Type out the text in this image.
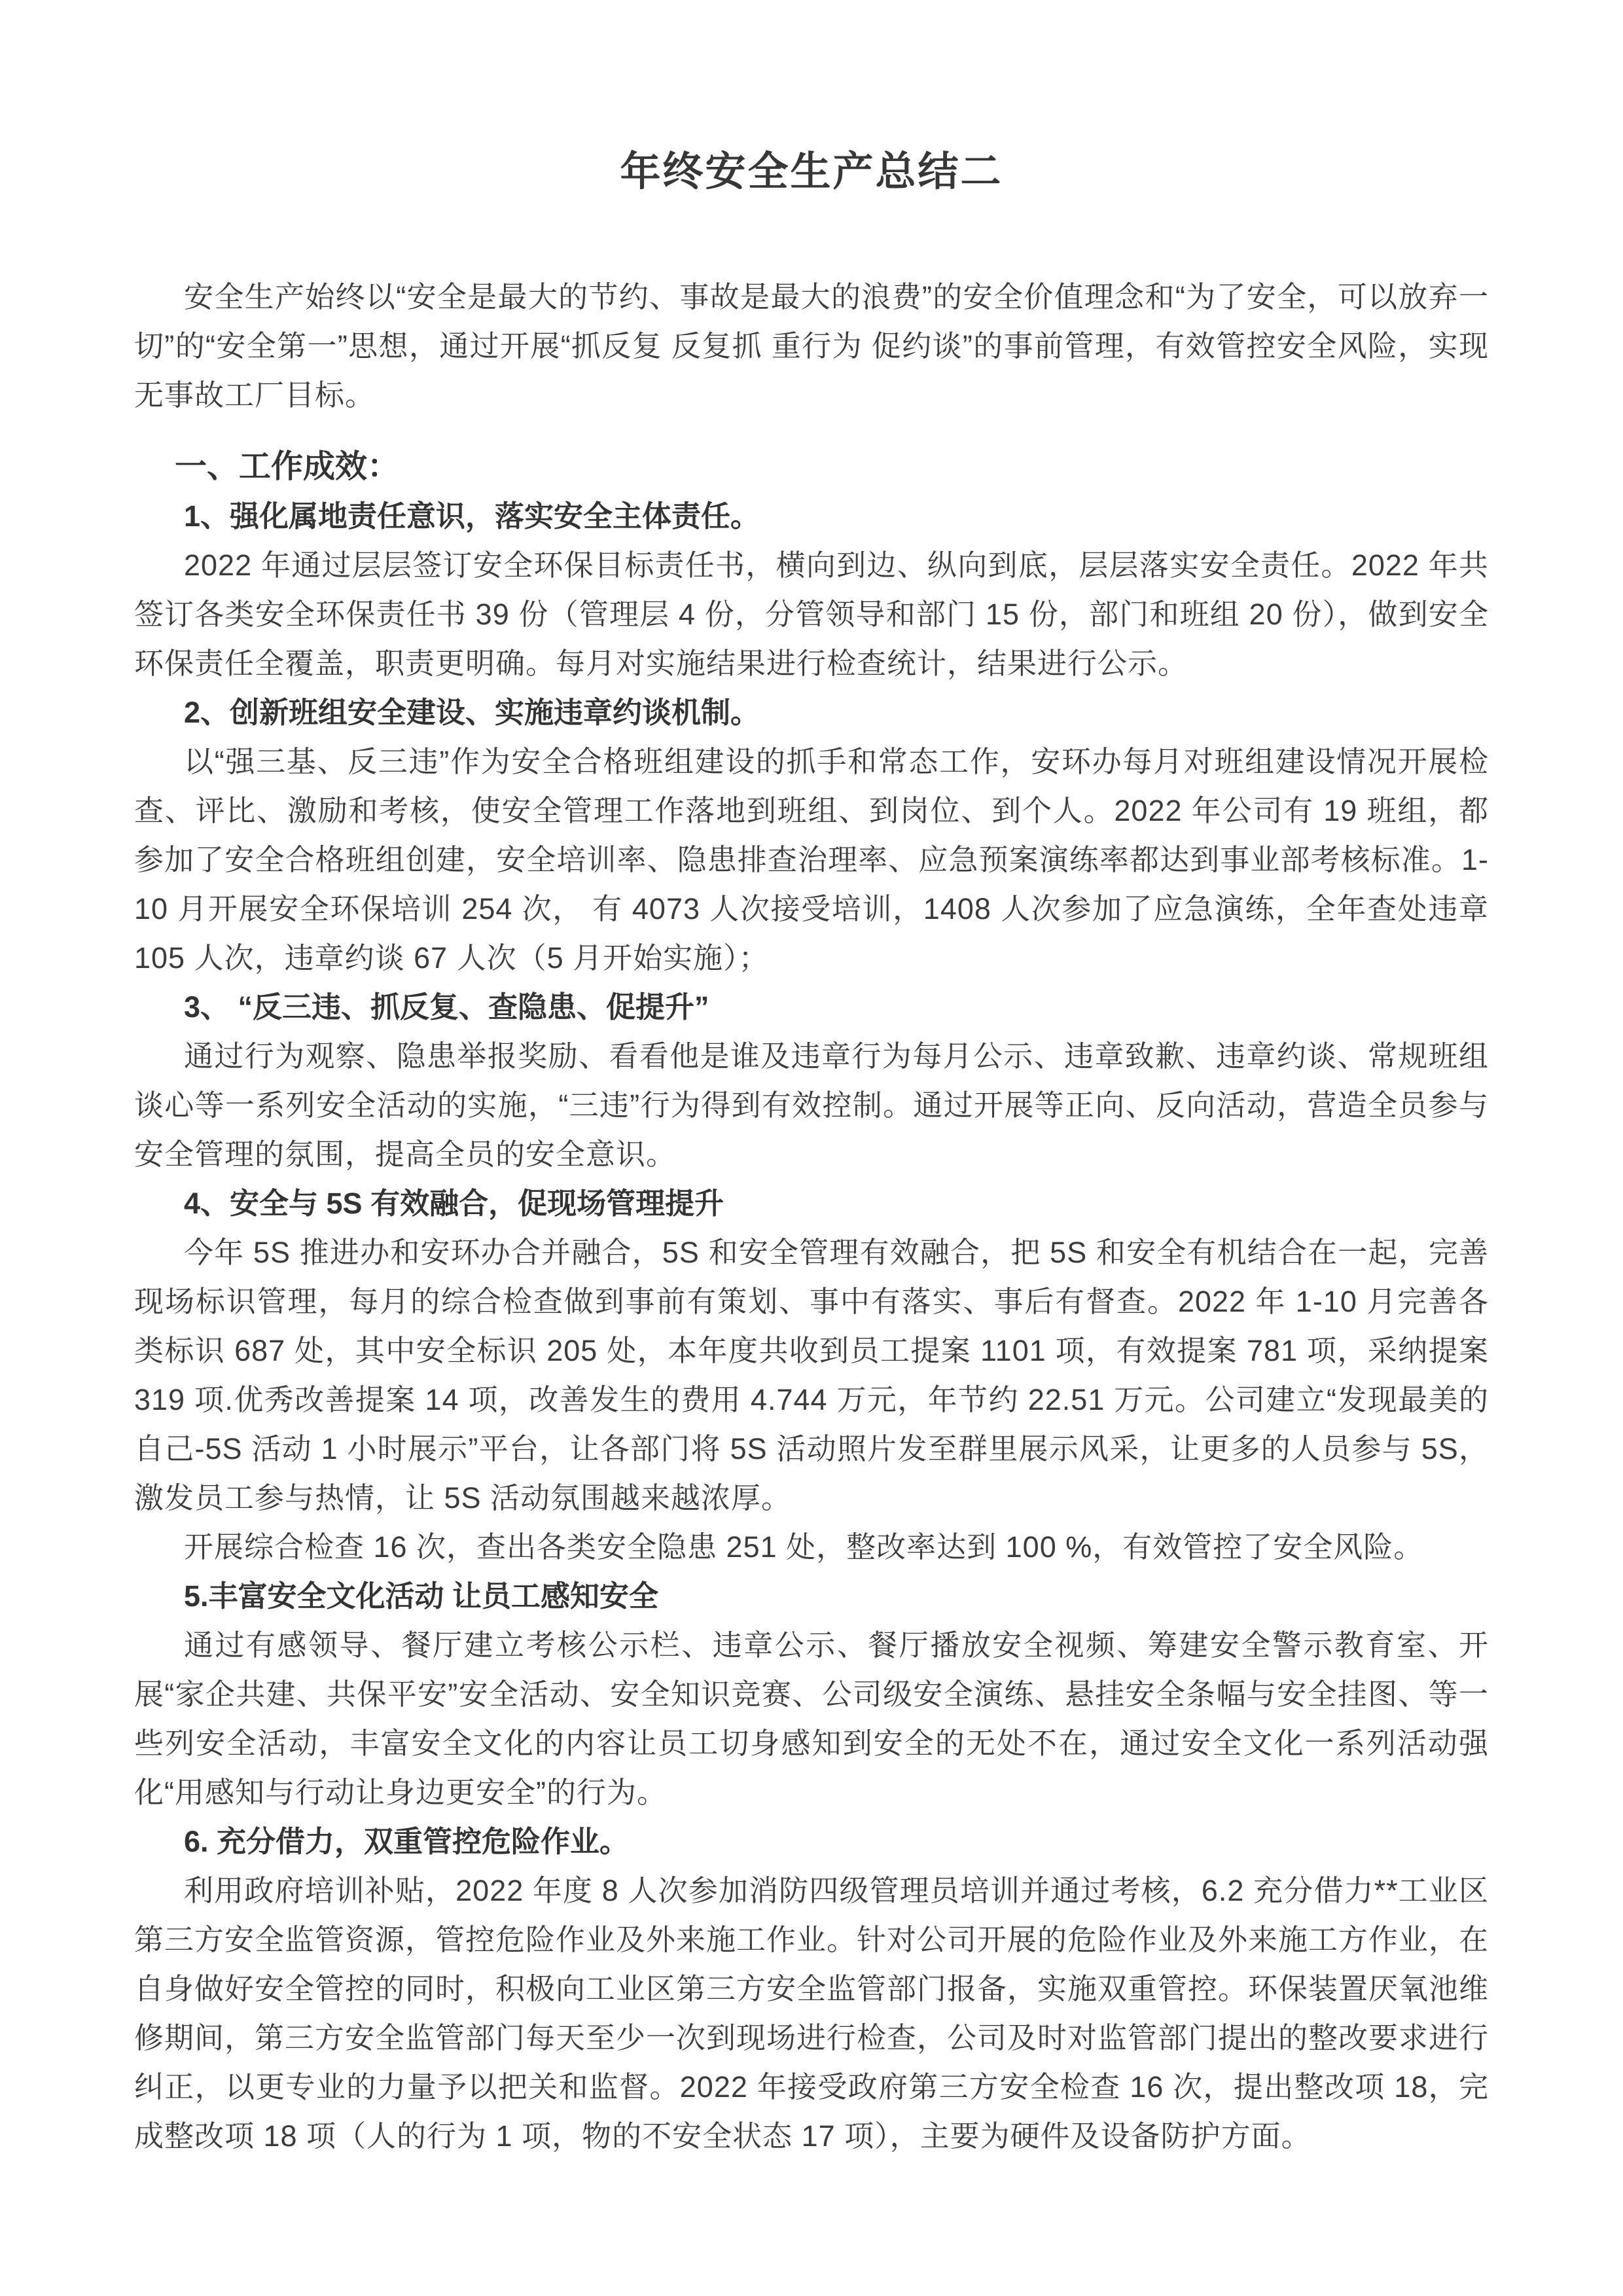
年终安全生产总结二

安全生产始终以“安全是最大的节约、事故是最大的浪费”的安全价值理念和“为了安全，可以放弃一切”的“安全第一”思想，通过开展“抓反复 反复抓 重行为 促约谈”的事前管理，有效管控安全风险，实现无事故工厂目标。

一、工作成效：
1、强化属地责任意识，落实安全主体责任。

2022 年通过层层签订安全环保目标责任书，横向到边、纵向到底，层层落实安全责任。2022 年共签订各类安全环保责任书 39 份（管理层 4 份，分管领导和部门 15 份，部门和班组 20 份），做到安全环保责任全覆盖，职责更明确。每月对实施结果进行检查统计，结果进行公示。

2、创新班组安全建设、实施违章约谈机制。

以“强三基、反三违”作为安全合格班组建设的抓手和常态工作，安环办每月对班组建设情况开展检查、评比、激励和考核，使安全管理工作落地到班组、到岗位、到个人。2022 年公司有 19 班组，都参加了安全合格班组创建，安全培训率、隐患排查治理率、应急预案演练率都达到事业部考核标准。1-10 月开展安全环保培训 254 次， 有 4073 人次接受培训，1408 人次参加了应急演练，全年查处违章 105 人次，违章约谈 67 人次（5 月开始实施）；

3、 “反三违、抓反复、查隐患、促提升”

通过行为观察、隐患举报奖励、看看他是谁及违章行为每月公示、违章致歉、违章约谈、常规班组谈心等一系列安全活动的实施，“三违”行为得到有效控制。通过开展等正向、反向活动，营造全员参与安全管理的氛围，提高全员的安全意识。

4、安全与 5S 有效融合，促现场管理提升

今年 5S 推进办和安环办合并融合，5S 和安全管理有效融合，把 5S 和安全有机结合在一起，完善现场标识管理，每月的综合检查做到事前有策划、事中有落实、事后有督查。2022 年 1-10 月完善各类标识 687 处，其中安全标识 205 处，本年度共收到员工提案 1101 项，有效提案 781 项，采纳提案 319 项.优秀改善提案 14 项，改善发生的费用 4.744 万元，年节约 22.51 万元。公司建立“发现最美的自己-5S 活动 1 小时展示”平台，让各部门将 5S 活动照片发至群里展示风采，让更多的人员参与 5S，激发员工参与热情，让 5S 活动氛围越来越浓厚。

开展综合检查 16 次，查出各类安全隐患 251 处，整改率达到 100 %，有效管控了安全风险。

5.丰富安全文化活动 让员工感知安全

通过有感领导、餐厅建立考核公示栏、违章公示、餐厅播放安全视频、筹建安全警示教育室、开展“家企共建、共保平安”安全活动、安全知识竞赛、公司级安全演练、悬挂安全条幅与安全挂图、等一些列安全活动，丰富安全文化的内容让员工切身感知到安全的无处不在，通过安全文化一系列活动强化“用感知与行动让身边更安全”的行为。

6. 充分借力，双重管控危险作业。

利用政府培训补贴，2022 年度 8 人次参加消防四级管理员培训并通过考核，6.2 充分借力**工业区第三方安全监管资源，管控危险作业及外来施工作业。针对公司开展的危险作业及外来施工方作业，在自身做好安全管控的同时，积极向工业区第三方安全监管部门报备，实施双重管控。环保装置厌氧池维修期间，第三方安全监管部门每天至少一次到现场进行检查，公司及时对监管部门提出的整改要求进行纠正，以更专业的力量予以把关和监督。2022 年接受政府第三方安全检查 16 次，提出整改项 18，完成整改项 18 项（人的行为 1 项，物的不安全状态 17 项），主要为硬件及设备防护方面。
